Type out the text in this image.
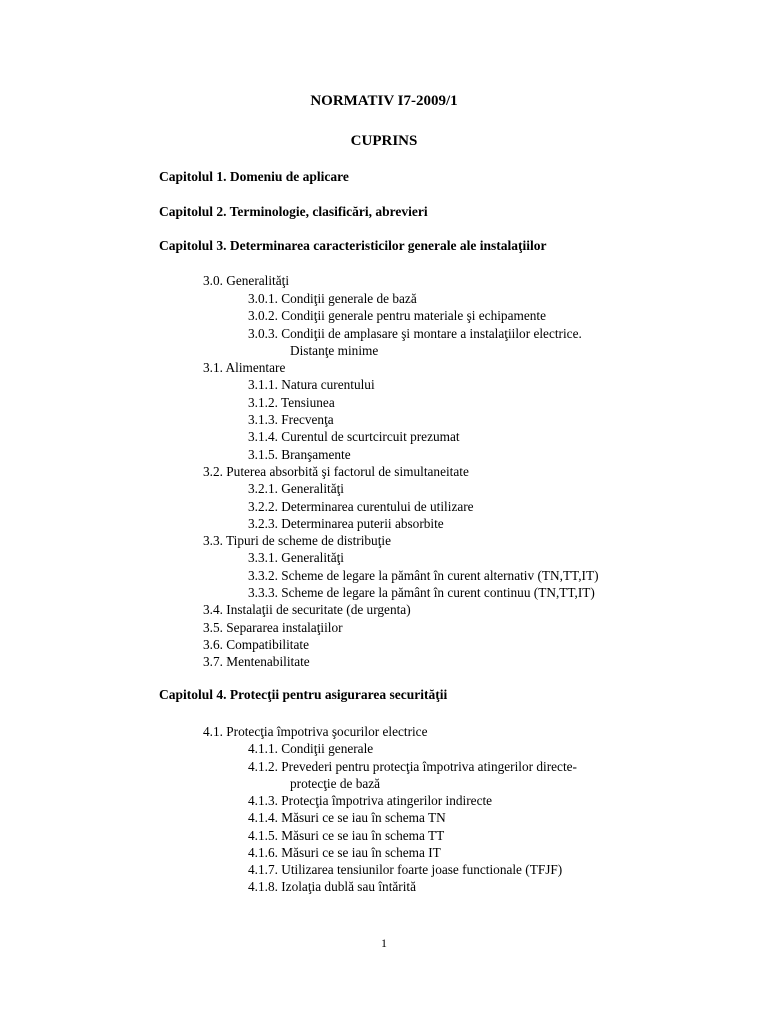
NORMATIV I7-2009/1
CUPRINS
Capitolul 1. Domeniu de aplicare
Capitolul 2. Terminologie, clasificări, abrevieri
Capitolul 3. Determinarea caracteristicilor generale ale instalaţiilor
3.0. Generalităţi
3.0.1. Condiţii generale de bază
3.0.2. Condiţii generale pentru materiale şi echipamente
3.0.3. Condiţii de amplasare şi montare a instalaţiilor electrice.
Distanţe minime
3.1. Alimentare
3.1.1. Natura curentului
3.1.2. Tensiunea
3.1.3. Frecvenţa
3.1.4. Curentul de scurtcircuit prezumat
3.1.5. Branşamente
3.2. Puterea absorbită şi factorul de simultaneitate
3.2.1. Generalităţi
3.2.2. Determinarea curentului de utilizare
3.2.3. Determinarea puterii absorbite
3.3. Tipuri de scheme de distribuţie
3.3.1. Generalităţi
3.3.2. Scheme de legare la pământ în curent alternativ (TN,TT,IT)
3.3.3. Scheme de legare la pământ în curent continuu (TN,TT,IT)
3.4. Instalaţii de securitate (de urgenta)
3.5. Separarea instalaţiilor
3.6. Compatibilitate
3.7. Mentenabilitate
Capitolul 4. Protecţii pentru asigurarea securităţii
4.1. Protecţia împotriva şocurilor electrice
4.1.1. Condiţii generale
4.1.2. Prevederi pentru protecţia împotriva atingerilor directe-
protecţie de bază
4.1.3. Protecţia împotriva atingerilor indirecte
4.1.4. Măsuri ce se iau în schema TN
4.1.5. Măsuri ce se iau în schema TT
4.1.6. Măsuri ce se iau în schema IT
4.1.7. Utilizarea tensiunilor foarte joase functionale (TFJF)
4.1.8. Izolaţia dublă sau întărită
1
